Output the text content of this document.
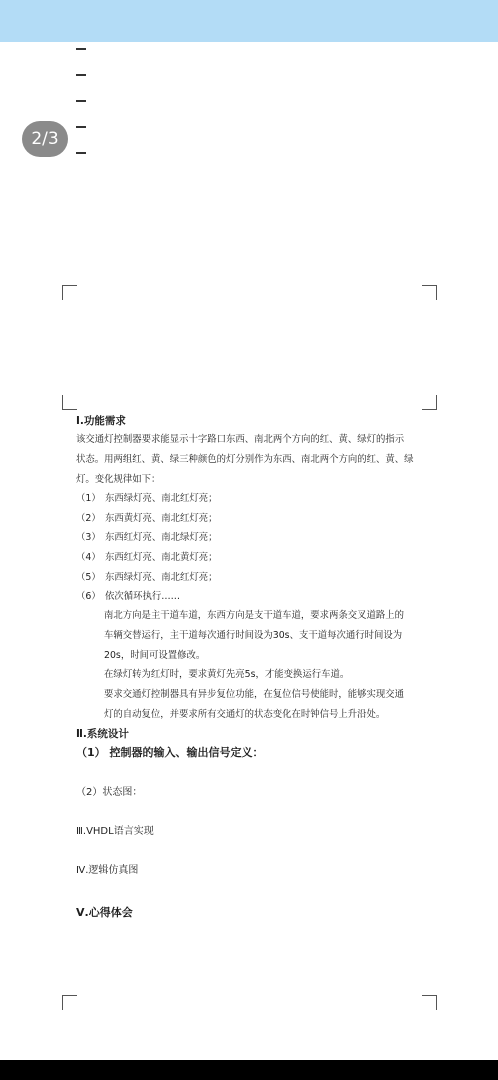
2/3
Ⅰ.功能需求
该交通灯控制器要求能显示十字路口东西、南北两个方向的红、黄、绿灯的指示
状态。用两组红、黄、绿三种颜色的灯分别作为东西、南北两个方向的红、黄、绿
灯。变化规律如下：
（1） 东西绿灯亮、南北红灯亮；
（2） 东西黄灯亮、南北红灯亮；
（3） 东西红灯亮、南北绿灯亮；
（4） 东西红灯亮、南北黄灯亮；
（5） 东西绿灯亮、南北红灯亮；
（6） 依次循环执行……
南北方向是主干道车道，东西方向是支干道车道，要求两条交叉道路上的
车辆交替运行，主干道每次通行时间设为30s、支干道每次通行时间设为
20s，时间可设置修改。
在绿灯转为红灯时，要求黄灯先亮5s，才能变换运行车道。
要求交通灯控制器具有异步复位功能，在复位信号使能时，能够实现交通
灯的自动复位，并要求所有交通灯的状态变化在时钟信号上升沿处。
Ⅱ.系统设计
（1） 控制器的输入、输出信号定义：
（2）状态图：
Ⅲ.VHDL语言实现
Ⅳ.逻辑仿真图
Ⅴ.心得体会
